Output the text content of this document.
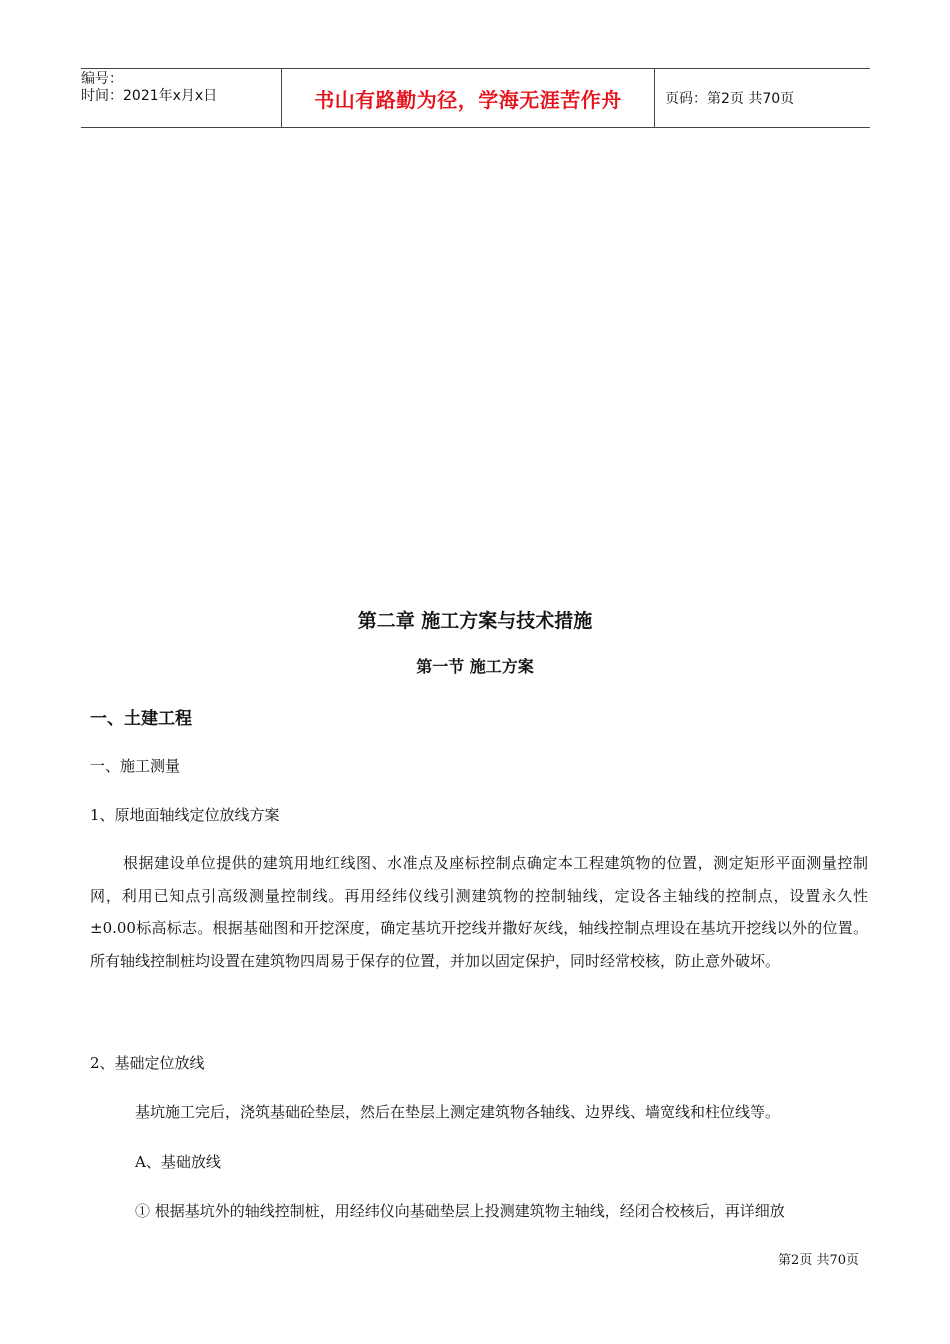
编号：
时间：2021年x月x日	书山有路勤为径，学海无涯苦作舟	页码：第2页 共70页
第二章 施工方案与技术措施
第一节 施工方案
一、土建工程
一、施工测量
1、原地面轴线定位放线方案
根据建设单位提供的建筑用地红线图、水准点及座标控制点确定本工程建筑物的位置，测定矩形平面测量控制网，利用已知点引高级测量控制线。再用经纬仪线引测建筑物的控制轴线，定设各主轴线的控制点，设置永久性±0.00标高标志。根据基础图和开挖深度，确定基坑开挖线并撒好灰线，轴线控制点埋设在基坑开挖线以外的位置。所有轴线控制桩均设置在建筑物四周易于保存的位置，并加以固定保护，同时经常校核，防止意外破坏。
2、基础定位放线
基坑施工完后，浇筑基础砼垫层，然后在垫层上测定建筑物各轴线、边界线、墙宽线和柱位线等。
A、基础放线
① 根据基坑外的轴线控制桩，用经纬仪向基础垫层上投测建筑物主轴线，经闭合校核后，再详细放
第2页 共70页
